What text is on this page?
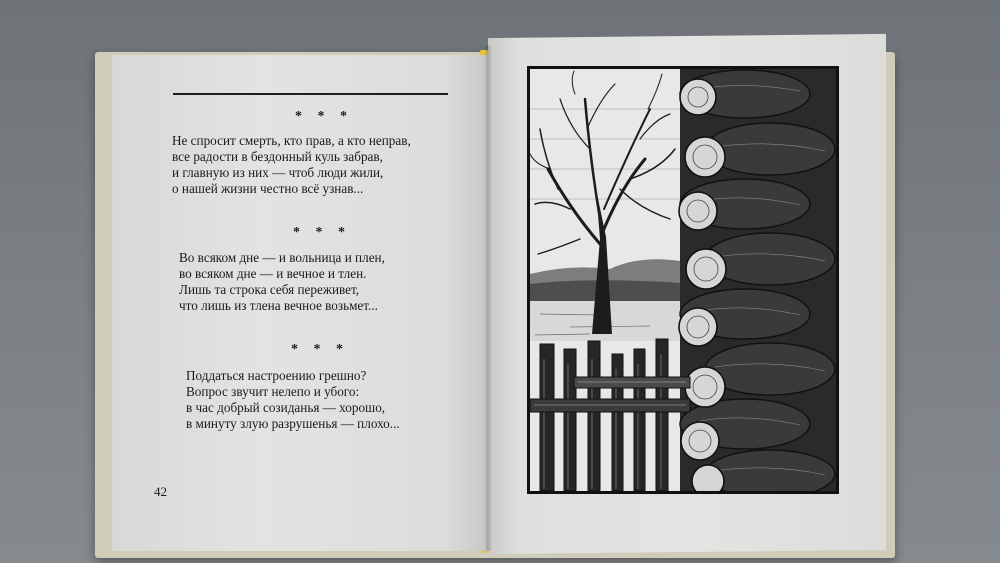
* * *
Не спросит смерть, кто прав, а кто неправ,
все радости в бездонный куль забрав,
и главную из них — чтоб люди жили,
о нашей жизни честно всё узнав...
* * *
Во всяком дне — и вольница и плен,
во всяком дне — и вечное и тлен.
Лишь та строка себя переживет,
что лишь из тлена вечное возьмет...
* * *
Поддаться настроению грешно?
Вопрос звучит нелепо и убого:
в час добрый созиданья — хорошо,
в минуту злую разрушенья — плохо...
42
